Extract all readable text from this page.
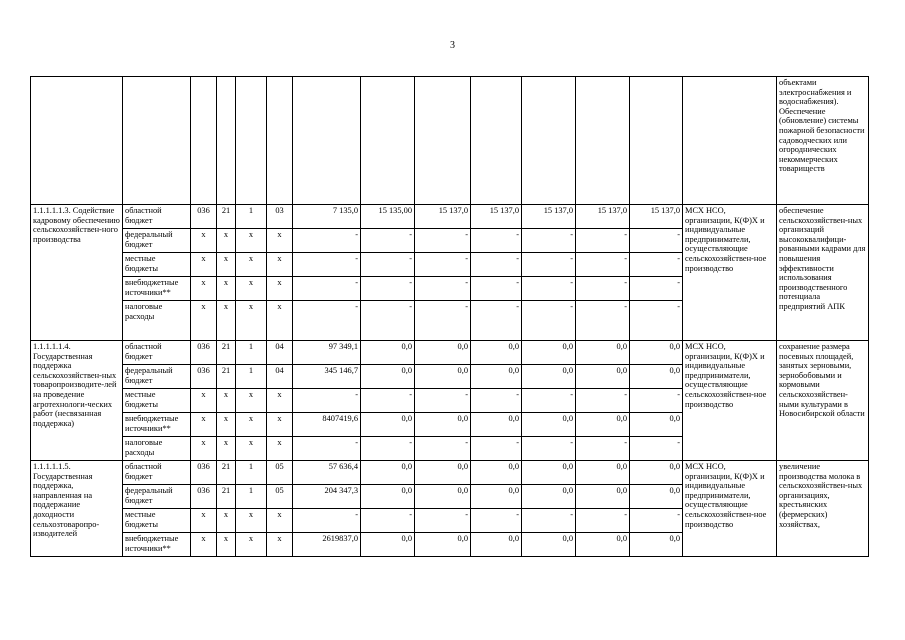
3
														объектами электроснабжения и водоснабжения). Обеспечение (обновление) системы пожарной безопасности садоводческих или огороднических некоммерческих товариществ
1.1.1.1.1.3. Содействие кадровому обеспечению сельскохозяйствен-ного производства	областной бюджет	036	21	1	03	7 135,0	15 135,00	15 137,0	15 137,0	15 137,0	15 137,0	15 137,0	МСХ НСО, организации, К(Ф)Х и индивидуальные предприниматели, осуществляющие сельскохозяйствен-ное производство	обеспечение сельскохозяйствен-ных организаций высококвалифици-рованными кадрами для повышения эффективности использования производственного потенциала предприятий АПК
	федеральный бюджет	х	х	х	х	-	-	-	-	-	-	-		
	местные бюджеты	х	х	х	х	-	-	-	-	-	-	-		
	внебюджетные источники**	х	х	х	х	-	-	-	-	-	-	-		
	налоговые расходы	х	х	х	х	-	-	-	-	-	-	-		
1.1.1.1.1.4. Государственная поддержка сельскохозяйствен-ных товаропроизводите-лей на проведение агротехнологи-ческих работ (несвязанная поддержка)	областной бюджет	036	21	1	04	97 349,1	0,0	0,0	0,0	0,0	0,0	0,0	МСХ НСО, организации, К(Ф)Х и индивидуальные предприниматели, осуществляющие сельскохозяйствен-ное производство	сохранение размера посевных площадей, занятых зерновыми, зернобобовыми и кормовыми сельскохозяйствен-ными культурами в Новосибирской области
	федеральный бюджет	036	21	1	04	345 146,7	0,0	0,0	0,0	0,0	0,0	0,0		
	местные бюджеты	х	х	х	х	-	-	-	-	-	-	-		
	внебюджетные источники**	х	х	х	х	8407419,6	0,0	0,0	0,0	0,0	0,0	0,0		
	налоговые расходы	х	х	х	х	-	-	-	-	-	-	-		
1.1.1.1.1.5. Государственная поддержка, направленная на поддержание доходности сельхозтоваропро-изводителей	областной бюджет	036	21	1	05	57 636,4	0,0	0,0	0,0	0,0	0,0	0,0	МСХ НСО, организации, К(Ф)Х и индивидуальные предприниматели, осуществляющие сельскохозяйствен-ное производство	увеличение производства молока в сельскохозяйствен-ных организациях, крестьянских (фермерских) хозяйствах,
	федеральный бюджет	036	21	1	05	204 347,3	0,0	0,0	0,0	0,0	0,0	0,0		
	местные бюджеты	х	х	х	х	-	-	-	-	-	-	-		
	внебюджетные источники**	х	х	х	х	2619837,0	0,0	0,0	0,0	0,0	0,0	0,0		
